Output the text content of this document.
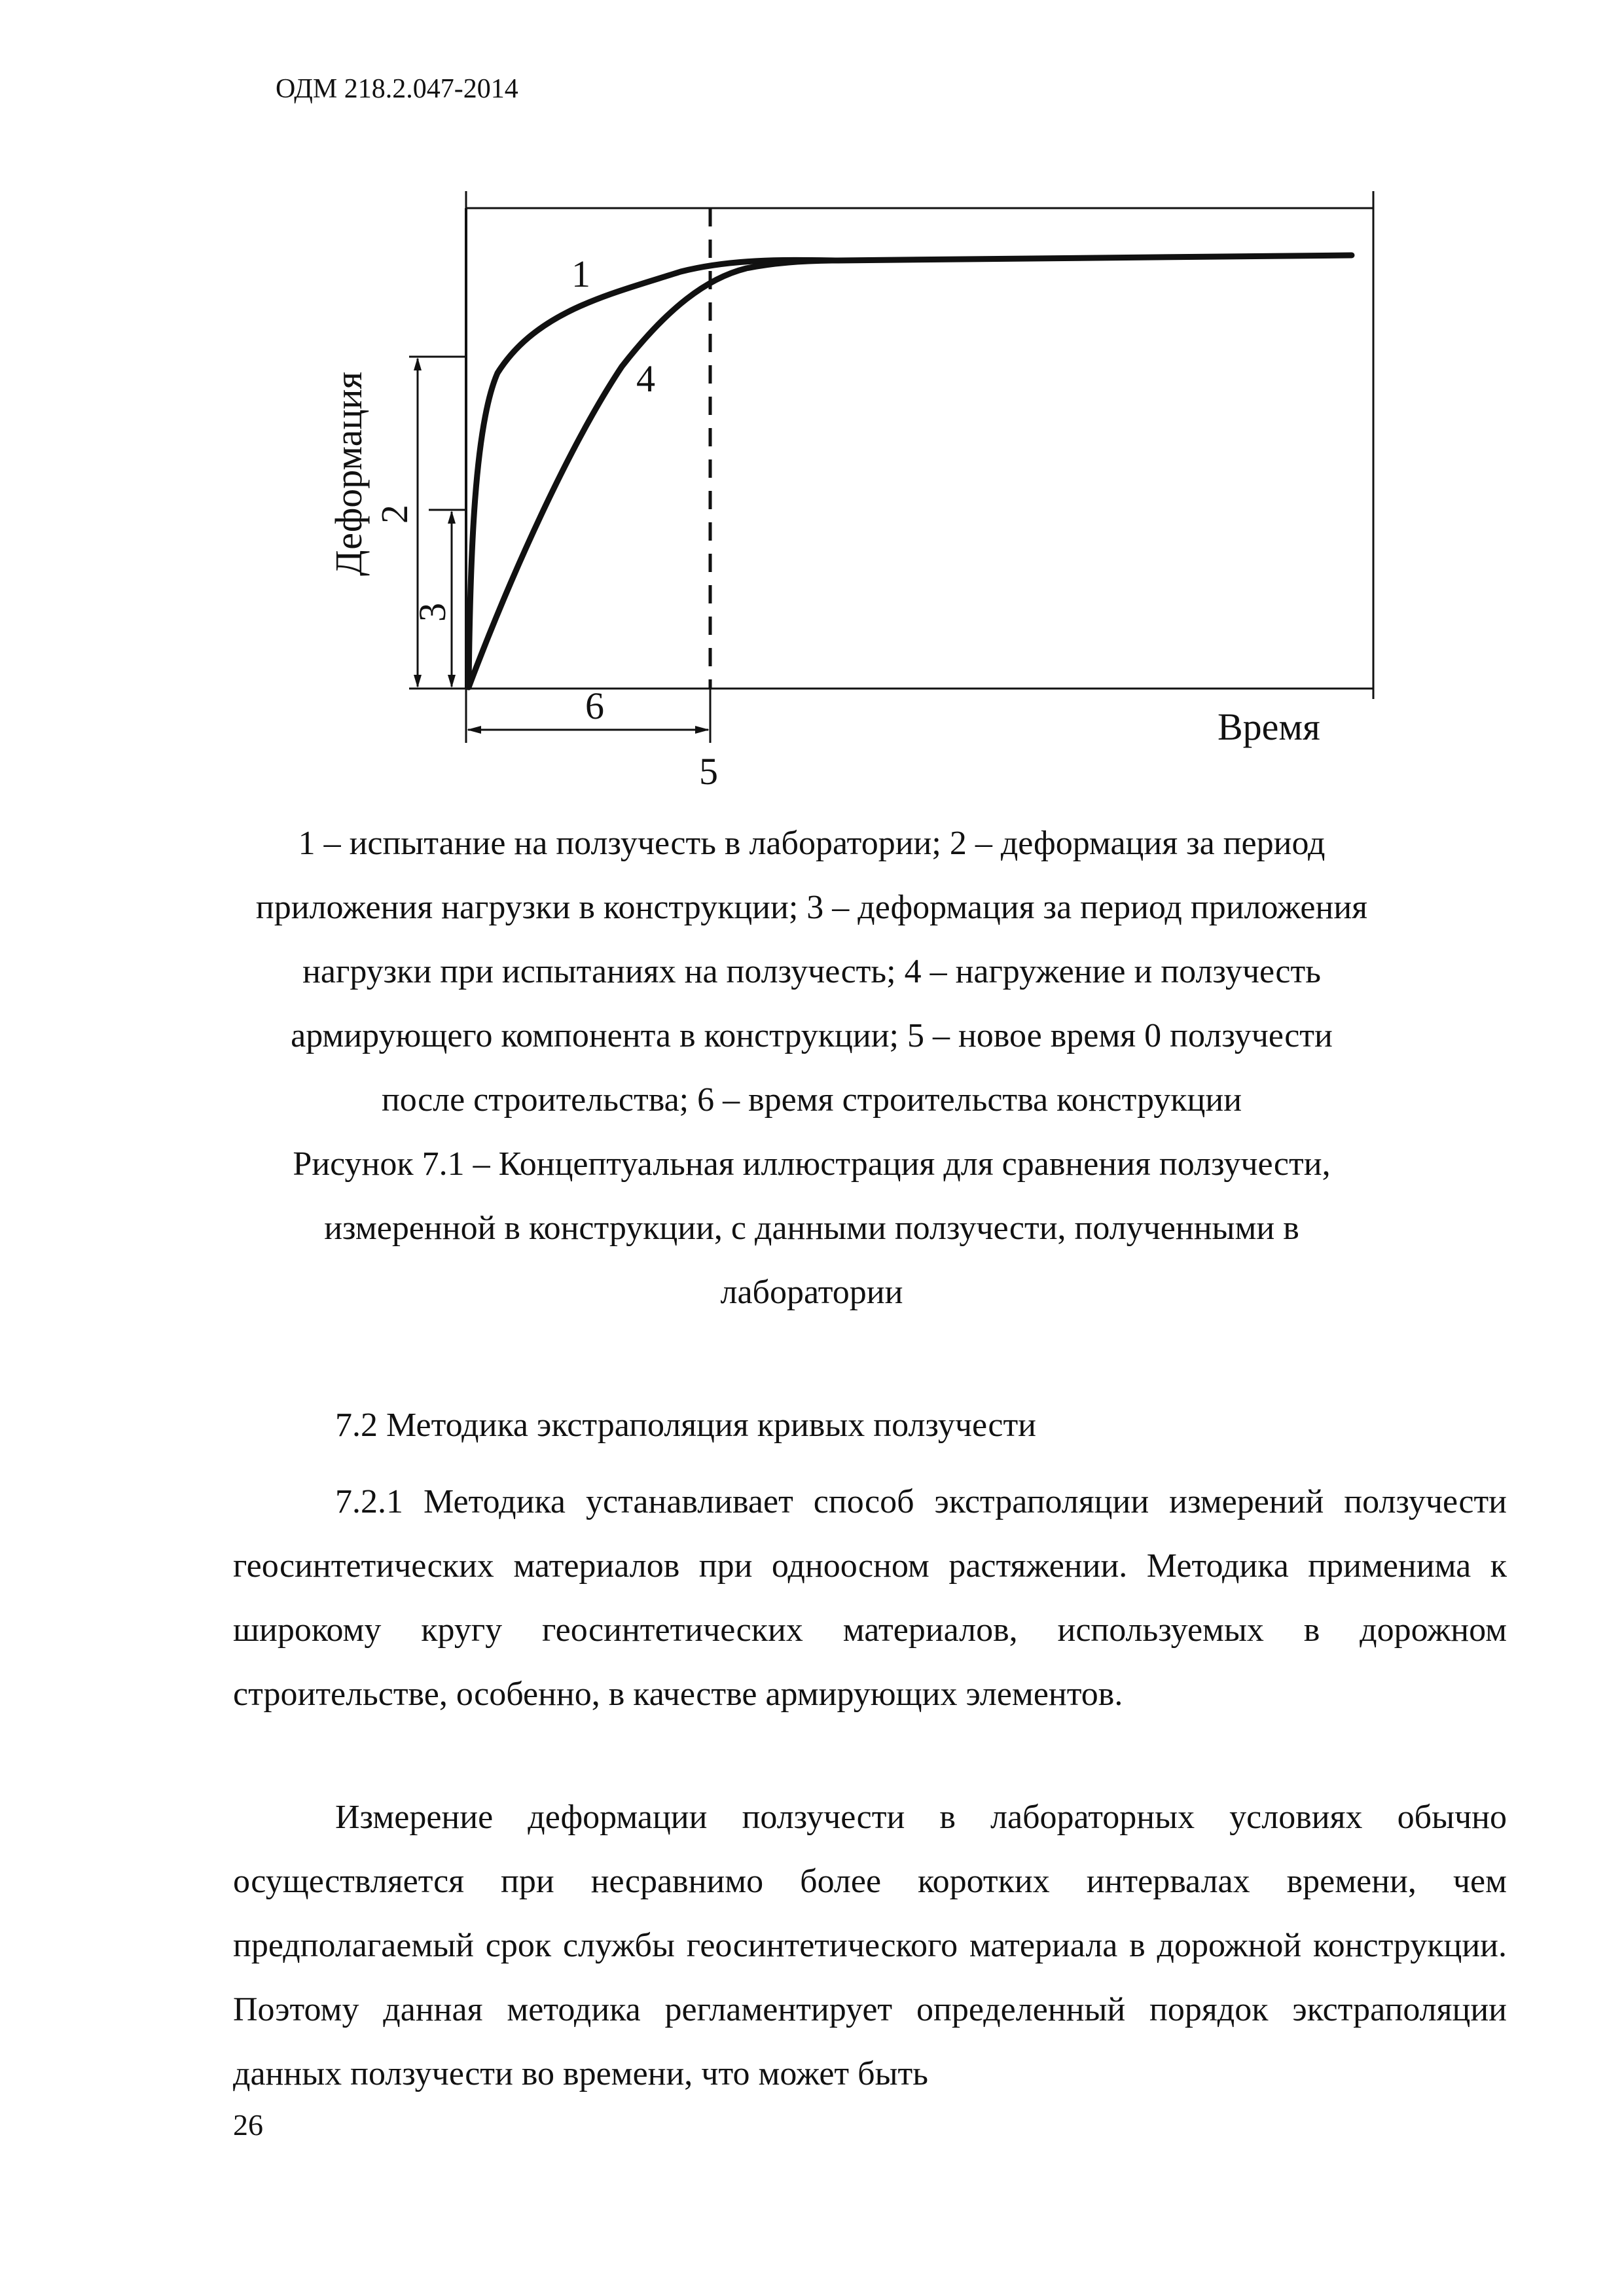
ОДМ 218.2.047-2014
1
4
5
6	Время
Деформация 2
3
1 – испытание на ползучесть в лаборатории; 2 – деформация за период
приложения нагрузки в конструкции; 3 – деформация за период приложения
нагрузки при испытаниях на ползучесть; 4 – нагружение и ползучесть
армирующего компонента в конструкции; 5 – новое время 0 ползучести
после строительства; 6 – время строительства конструкции
Рисунок 7.1 – Концептуальная иллюстрация для сравнения ползучести,
измеренной в конструкции, с данными ползучести, полученными в
лаборатории
7.2 Методика экстраполяция кривых ползучести

7.2.1 Методика устанавливает способ экстраполяции измерений ползучести геосинтетических материалов при одноосном растяжении. Методика применима к широкому кругу геосинтетических материалов, используемых в дорожном строительстве, особенно, в качестве армирующих элементов.

Измерение деформации ползучести в лабораторных условиях обычно осуществляется при несравнимо более коротких интервалах времени, чем предполагаемый срок службы геосинтетического материала в дорожной конструкции. Поэтому данная методика регламентирует определенный порядок экстраполяции данных ползучести во времени, что может быть

26
